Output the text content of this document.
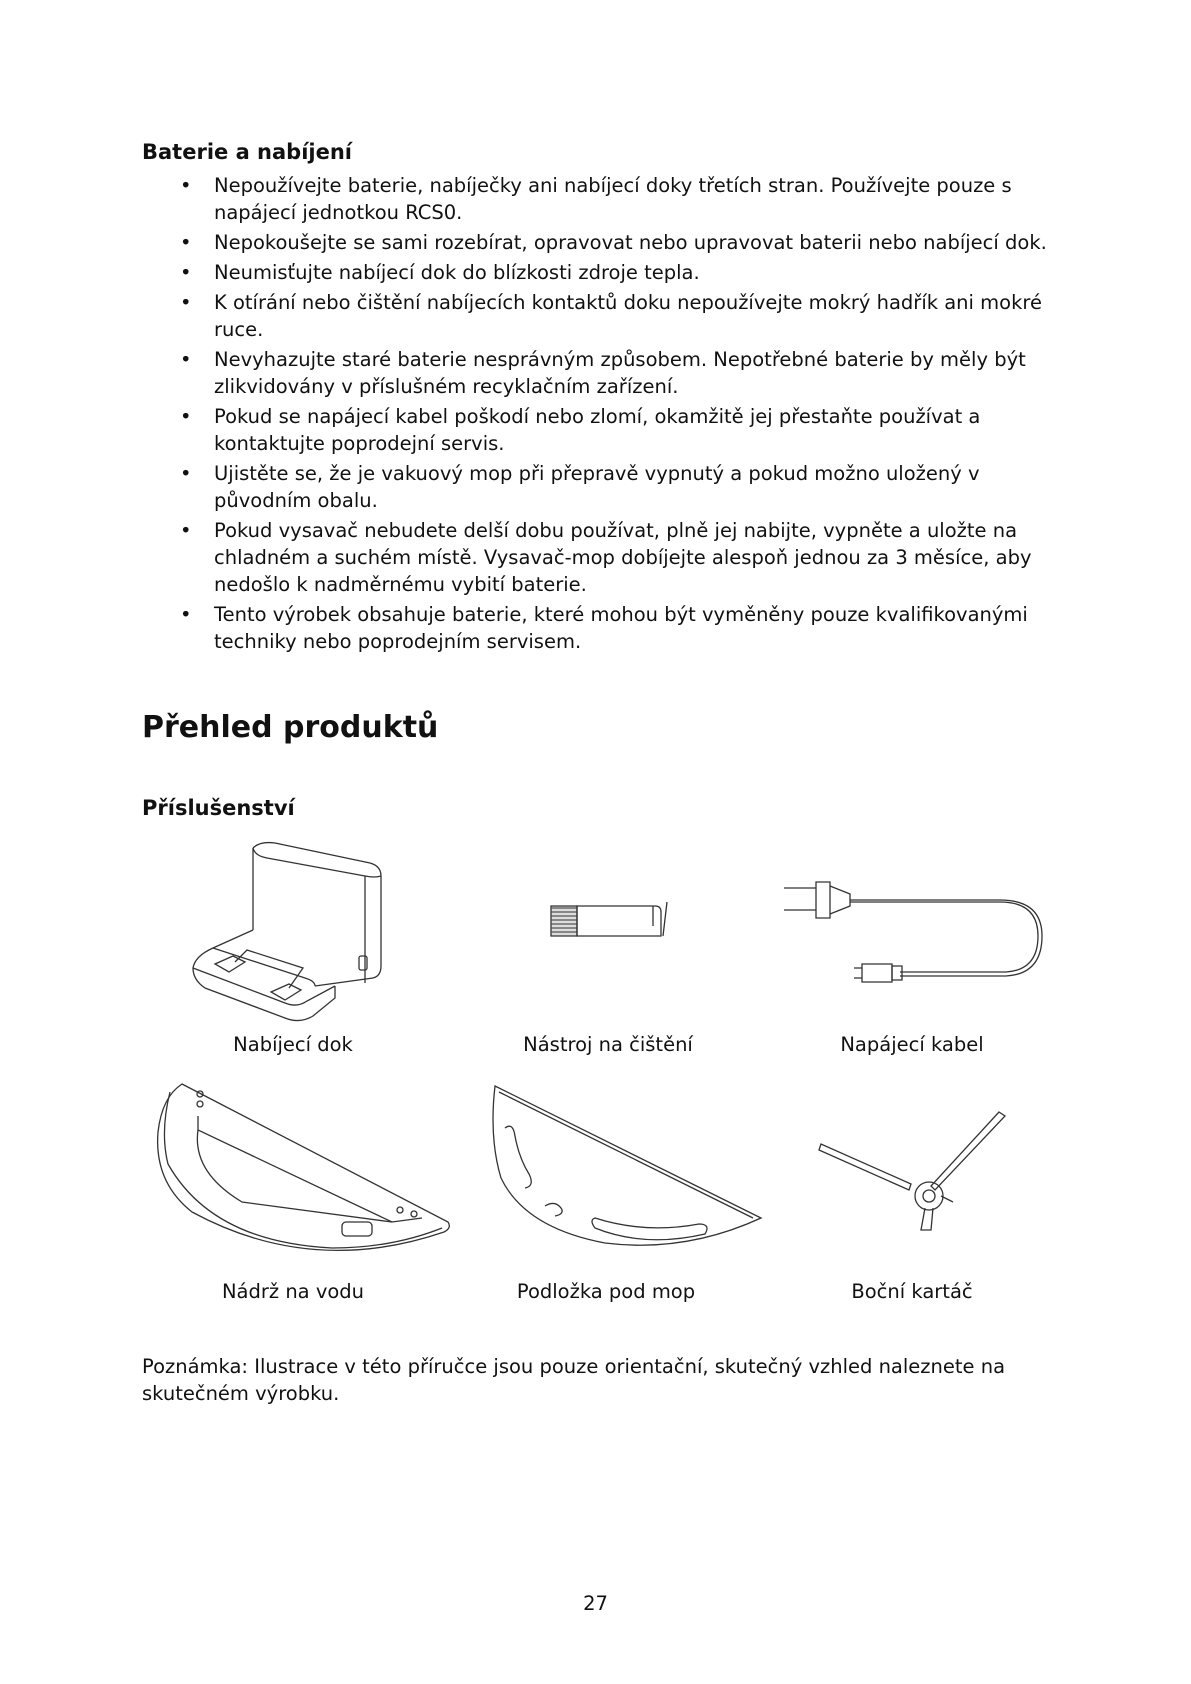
Baterie a nabíjení
• Nepoužívejte baterie, nabíječky ani nabíjecí doky třetích stran. Používejte pouze s napájecí jednotkou RCS0.
• Nepokoušejte se sami rozebírat, opravovat nebo upravovat baterii nebo nabíjecí dok.
• Neumisťujte nabíjecí dok do blízkosti zdroje tepla.
• K otírání nebo čištění nabíjecích kontaktů doku nepoužívejte mokrý hadřík ani mokré ruce.
• Nevyhazujte staré baterie nesprávným způsobem. Nepotřebné baterie by měly být zlikvidovány v příslušném recyklačním zařízení.
• Pokud se napájecí kabel poškodí nebo zlomí, okamžitě jej přestaňte používat a kontaktujte poprodejní servis.
• Ujistěte se, že je vakuový mop při přepravě vypnutý a pokud možno uložený v původním obalu.
• Pokud vysavač nebudete delší dobu používat, plně jej nabijte, vypněte a uložte na chladném a suchém místě. Vysavač-mop dobíjejte alespoň jednou za 3 měsíce, aby nedošlo k nadměrnému vybití baterie.
• Tento výrobek obsahuje baterie, které mohou být vyměněny pouze kvalifikovanými techniky nebo poprodejním servisem.
Přehled produktů
Příslušenství
Nabíjecí dok	Nástroj na čištění	Napájecí kabel
Nádrž na vodu	Podložka pod mop	Boční kartáč

Poznámka: Ilustrace v této příručce jsou pouze orientační, skutečný vzhled naleznete na skutečném výrobku.

27
